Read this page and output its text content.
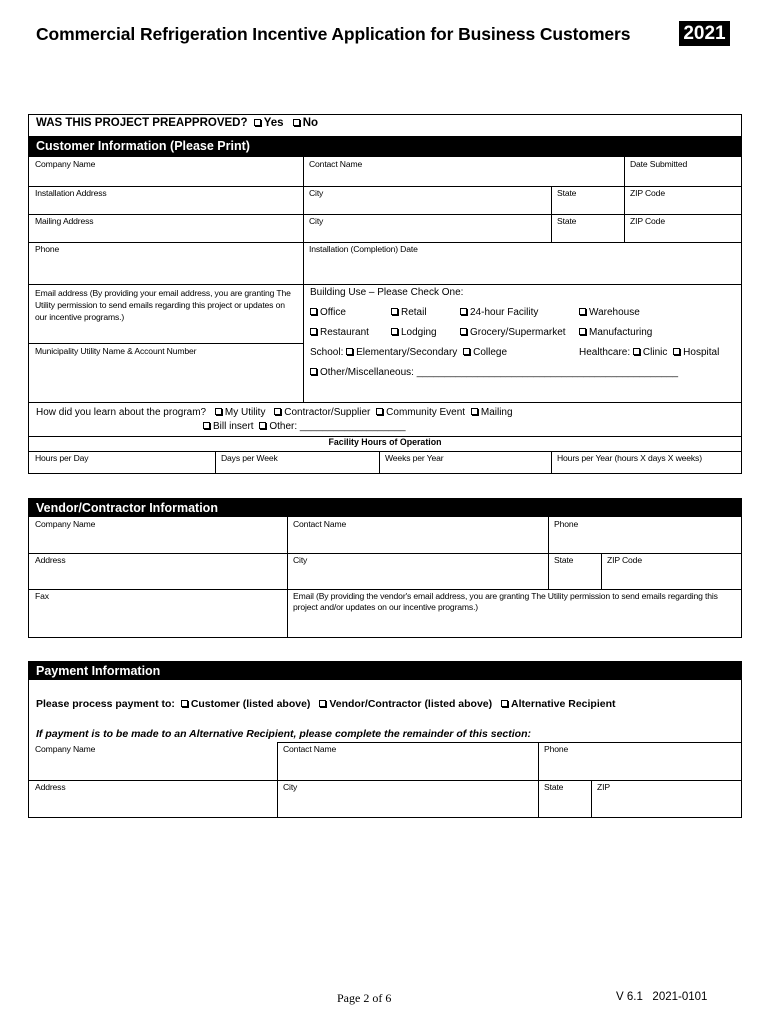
Commercial Refrigeration Incentive Application for Business Customers	2021
WAS THIS PROJECT PREAPPROVED? Yes No
Customer Information (Please Print)
Company Name	Contact Name	Date Submitted
Installation Address	City	State	ZIP Code
Mailing Address	City	State	ZIP Code
Phone	Installation (Completion) Date
Email address (By providing your email address, you are granting The Utility permission to send emails regarding this project or updates on our incentive programs.)
Municipality Utility Name & Account Number
Building Use – Please Check One:
Office	Retail	24-hour Facility	Warehouse
Restaurant	Lodging	Grocery/Supermarket	Manufacturing
School: Elementary/Secondary College	Healthcare: Clinic Hospital
Other/Miscellaneous: _______________________________________________
How did you learn about the program? My Utility Contractor/Supplier Community Event Mailing
Bill insert Other: ___________________
Facility Hours of Operation
Hours per Day	Days per Week	Weeks per Year	Hours per Year (hours X days X weeks)
Vendor/Contractor Information
Company Name	Contact Name	Phone
Address	City	State	ZIP Code
Fax	Email (By providing the vendor's email address, you are granting The Utility permission to send emails regarding this project and/or updates on our incentive programs.)
Payment Information
Please process payment to: Customer (listed above) Vendor/Contractor (listed above) Alternative Recipient
If payment is to be made to an Alternative Recipient, please complete the remainder of this section:
Company Name	Contact Name	Phone
Address	City	State	ZIP
Page 2 of 6	V 6.1   2021-0101
